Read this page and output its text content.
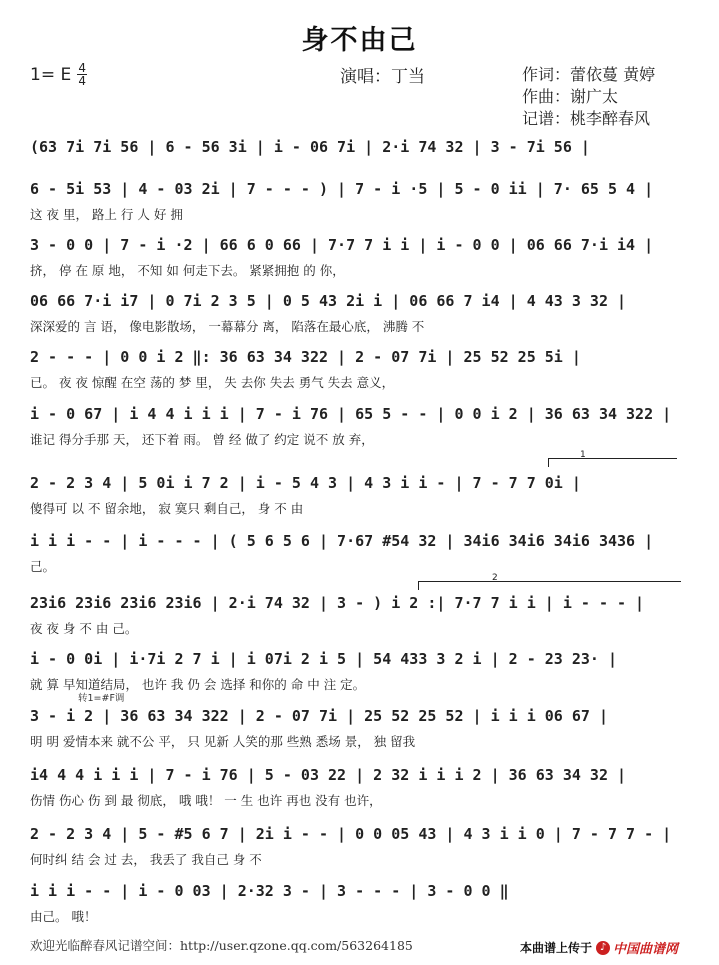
身不由己
1= E $\frac{4}{4}$	演唱：丁当	作词：蕾依蔓 黄婷
作曲：谢广太
记谱：桃李醉春风
(63 7i 7i 56 | 6 - 56 3i | i - 06 7i | 2·i 74 32 | 3 - 7i 56 |
6 - 5i 53 | 4 - 03 2i | 7 - - - ) | 7 - i ·5 | 5 - 0 ii | 7· 65 5 4 |
这 夜 里， 路上 行 人 好 拥
3 - 0 0 | 7 - i ·2 | 66 6 0 66 | 7·7 7 i i | i - 0 0 | 06 66 7·i i4 |
挤， 停 在 原 地， 不知 如 何走下去。 紧紧拥抱 的 你，
06 66 7·i i7 | 0 7i 2 3 5 | 0 5 43 2i i | 06 66 7 i4 | 4 43 3 32 |
深深爱的 言 语， 像电影散场， 一幕幕分 离， 陷落在最心底， 沸腾 不
2 - - - | 0 0 i 2 ‖: 36 63 34 322 | 2 - 07 7i | 25 52 25 5i |
已。 夜 夜 惊醒 在空 荡的 梦 里， 失 去你 失去 勇气 失去 意义，
i - 0 67 | i 4 4 i i i | 7 - i 76 | 65 5 - - | 0 0 i 2 | 36 63 34 322 |
谁记 得分手那 天， 还下着 雨。 曾 经 做了 约定 说不 放 弃，
2 - 2 3 4 | 5 0i i 7 2 | i - 5 4 3 | 4 3 i i - | 7 - 7 7 0i |
傻得可 以 不 留余地， 寂 寞只 剩自己， 身 不 由
i i i - - | i - - - | ( 5 6 5 6 | 7·67 #54 32 | 34i6 34i6 34i6 3436 |
己。
23i6 23i6 23i6 23i6 | 2·i 74 32 | 3 - ) i 2 :| 7·7 7 i i | i - - - |
夜 夜 身 不 由 己。
i - 0 0i | i·7i 2 7 i | i 07i 2 i 5 | 54 433 3 2 i | 2 - 23 23· |
就 算 早知道结局， 也许 我 仍 会 选择 和你的 命 中 注 定。
3 - i 2 | 36 63 34 322 | 2 - 07 7i | 25 52 25 52 | i i i 06 67 |
明 明 爱情本来 就不公 平， 只 见新 人笑的那 些熟 悉场 景， 独 留我
i4 4 4 i i i | 7 - i 76 | 5 - 03 22 | 2 32 i i i 2 | 36 63 34 32 |
伤情 伤心 伤 到 最 彻底， 哦 哦！ 一 生 也许 再也 没有 也许，
2 - 2 3 4 | 5 - #5 6 7 | 2i i - - | 0 0 05 43 | 4 3 i i 0 | 7 - 7 7 - |
何时纠 结 会 过 去， 我丢了 我自己 身 不
i i i - - | i - 0 03 | 2·32 3 - | 3 - - - | 3 - 0 0 ‖
由己。 哦！
转1=#F调
1
2
欢迎光临醉春风记谱空间：http://user.qzone.qq.com/563264185	本曲谱上传于 ♪ 中国曲谱网
